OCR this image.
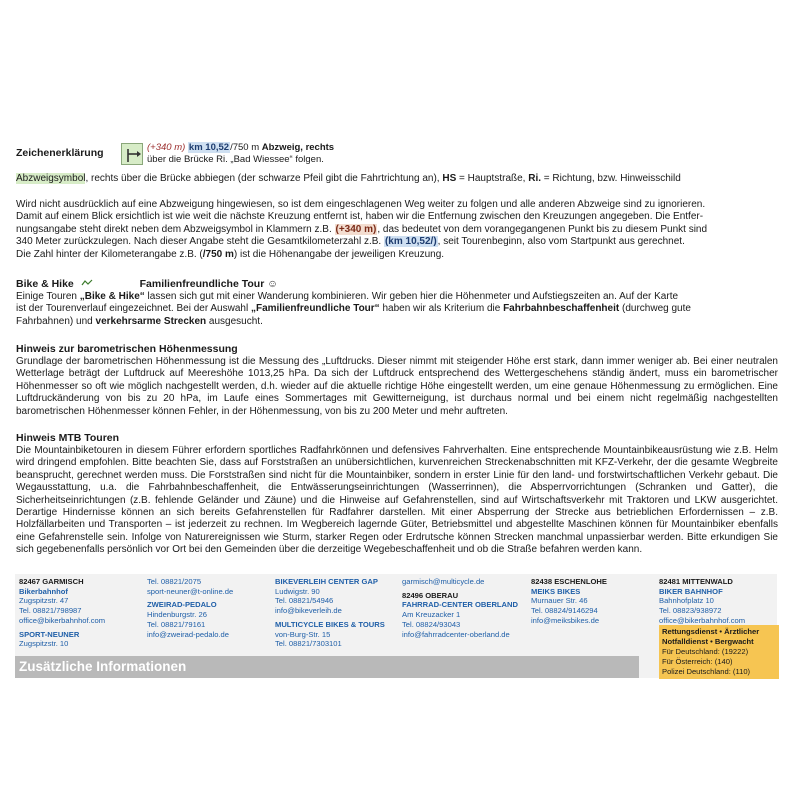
Zeichenerklärung	(+340 m) km 10,52/750 m Abzweig, rechts
über die Brücke Ri. „Bad Wiessee“ folgen.
Abzweigsymbol, rechts über die Brücke abbiegen (der schwarze Pfeil gibt die Fahrtrichtung an), HS = Hauptstraße, Ri. = Richtung, bzw. Hinweisschild
Wird nicht ausdrücklich auf eine Abzweigung hingewiesen, so ist dem eingeschlagenen Weg weiter zu folgen und alle anderen Abzweige sind zu ignorieren.
Damit auf einem Blick ersichtlich ist wie weit die nächste Kreuzung entfernt ist, haben wir die Entfernung zwischen den Kreuzungen angegeben. Die Entfer-
nungsangabe steht direkt neben dem Abzweigsymbol in Klammern z.B. (+340 m), das bedeutet von dem vorangegangenen Punkt bis zu diesem Punkt sind
340 Meter zurückzulegen. Nach dieser Angabe steht die Gesamtkilometerzahl z.B. (km 10,52/), seit Tourenbeginn, also vom Startpunkt aus gerechnet.
Die Zahl hinter der Kilometerangabe z.B. (/750 m) ist die Höhenangabe der jeweiligen Kreuzung.
Bike & Hike	Familienfreundliche Tour ☺
Einige Touren „Bike & Hike“ lassen sich gut mit einer Wanderung kombinieren. Wir geben hier die Höhenmeter und Aufstiegszeiten an. Auf der Karte
ist der Tourenverlauf eingezeichnet. Bei der Auswahl „Familienfreundliche Tour“ haben wir als Kriterium die Fahrbahnbeschaffenheit (durchweg gute
Fahrbahnen) und verkehrsarme Strecken ausgesucht.
Hinweis zur barometrischen Höhenmessung
Grundlage der barometrischen Höhenmessung ist die Messung des „Luftdrucks. Dieser nimmt mit steigender Höhe erst stark, dann immer weniger ab. Bei einer neutralen Wetterlage beträgt der Luftdruck auf Meereshöhe 1013,25 hPa. Da sich der Luftdruck entsprechend des Wettergeschehens ständig ändert, muss ein barometrischer Höhenmesser so oft wie möglich nachgestellt werden, d.h. wieder auf die aktuelle richtige Höhe eingestellt werden, um eine genaue Höhenmessung zu ermöglichen. Eine Luftdruckänderung von bis zu 20 hPa, im Laufe eines Sommertages mit Gewitterneigung, ist durchaus normal und bei einem nicht regelmäßig nachgestellten barometrischen Höhenmesser können Fehler, in der Höhenmessung, von bis zu 200 Meter und mehr auftreten.
Hinweis MTB Touren
Die Mountainbiketouren in diesem Führer erfordern sportliches Radfahrkönnen und defensives Fahrverhalten. Eine entsprechende Mountainbikeausrüstung wie z.B. Helm wird dringend empfohlen. Bitte beachten Sie, dass auf Forststraßen an unübersichtlichen, kurvenreichen Streckenabschnitten mit KFZ-Verkehr, der die gesamte Wegbreite beansprucht, gerechnet werden muss. Die Forststraßen sind nicht für die Mountainbiker, sondern in erster Linie für den land- und forstwirtschaftlichen Verkehr gebaut. Die Wegausstattung, u.a. die Fahrbahnbeschaffenheit, die Entwässerungseinrichtungen (Wasserrinnen), die Absperrvorrichtungen (Schranken und Gatter), die Sicherheitseinrichtungen (z.B. fehlende Geländer und Zäune) und die Hinweise auf Gefahrenstellen, sind auf Wirtschaftsverkehr mit Traktoren und LKW ausgerichtet. Derartige Hindernisse können an sich bereits Gefahrenstellen für Radfahrer darstellen. Mit einer Absperrung der Strecke aus betrieblichen Erfordernissen – z.B. Holzfällarbeiten und Transporten – ist jederzeit zu rechnen. Im Wegbereich lagernde Güter, Betriebsmittel und abgestellte Maschinen können für Mountainbiker ebenfalls eine Gefahrenstelle sein. Infolge von Naturereignissen wie Sturm, starker Regen oder Erdrutsche können Strecken manchmal unpassierbar werden. Bitte erkundigen Sie sich gegebenenfalls persönlich vor Ort bei den Gemeinden über die derzeitige Wegebeschaffenheit und ob die Straße befahren werden kann.
82467 GARMISCH
Bikerbahnhof
Zugspitzstr. 47
Tel. 08821/798987
office@bikerbahnhof.com
SPORT-NEUNER
Zugspitzstr. 10
Tel. 08821/2075
sport-neuner@t-online.de
ZWEIRAD-PEDALO
Hindenburgstr. 26
Tel. 08821/79161
info@zweirad-pedalo.de
BIKEVERLEIH CENTER GAP
Ludwigstr. 90
Tel. 08821/54946
info@bikeverleih.de
MULTICYCLE BIKES & TOURS
von-Burg-Str. 15
Tel. 08821/7303101
garmisch@multicycle.de
82496 OBERAU
FAHRRAD-CENTER OBERLAND
Am Kreuzacker 1
Tel. 08824/93043
info@fahrradcenter-oberland.de
82438 ESCHENLOHE
MEIKS BIKES
Murnauer Str. 46
Tel. 08824/9146294
info@meiksbikes.de
82481 MITTENWALD
BIKER BAHNHOF
Bahnhofplatz 10
Tel. 08823/938972
office@bikerbahnhof.com
Rettungsdienst • Ärztlicher
Notfalldienst • Bergwacht
Für Deutschland: (19222)
Für Österreich: (140)
Polizei Deutschland: (110)
Zusätzliche Informationen
